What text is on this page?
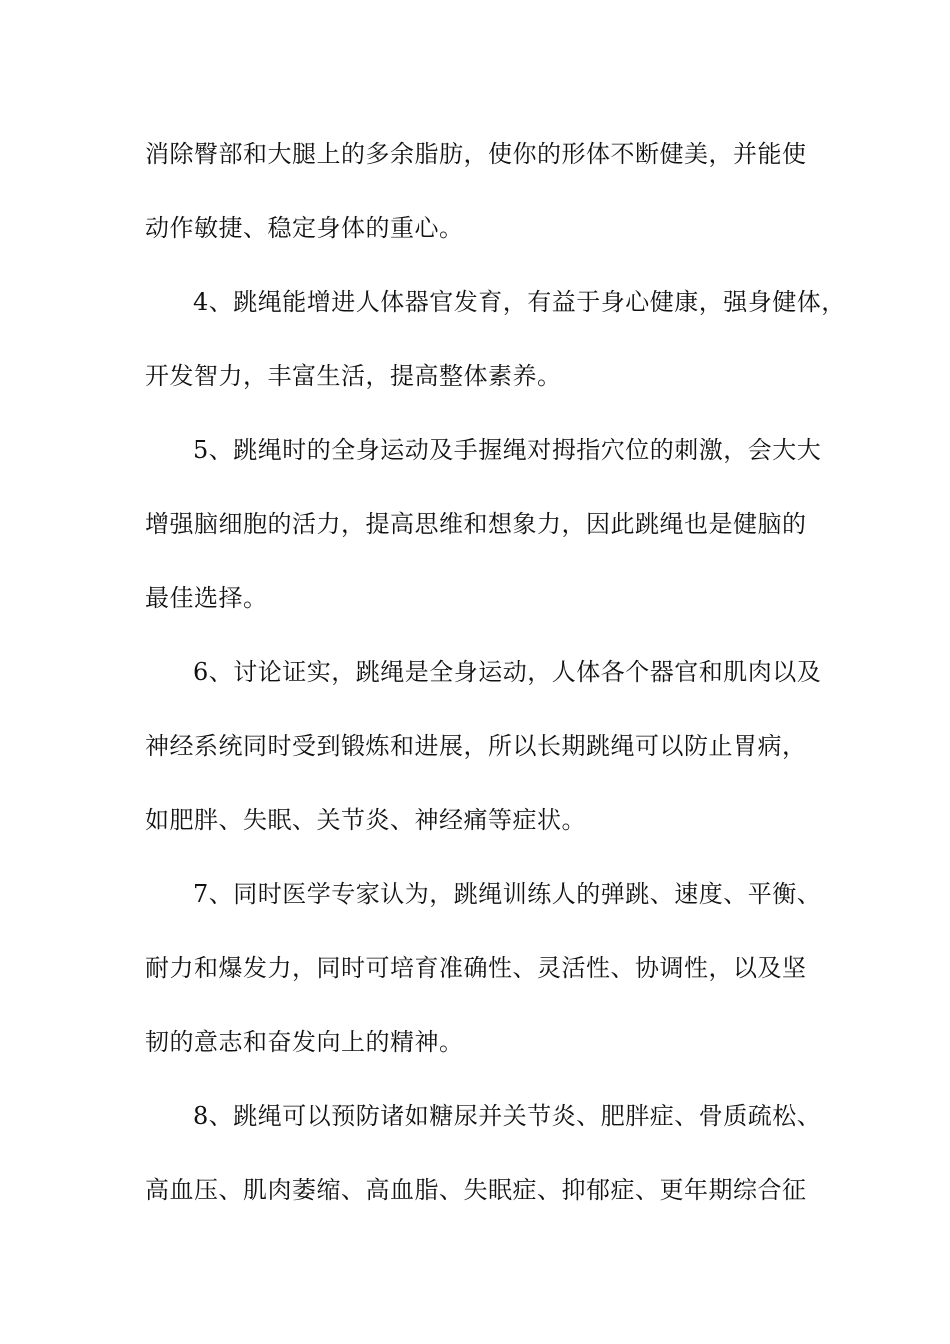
消除臀部和大腿上的多余脂肪，使你的形体不断健美，并能使
动作敏捷、稳定身体的重心。
4、跳绳能增进人体器官发育，有益于身心健康，强身健体，
开发智力，丰富生活，提高整体素养。
5、跳绳时的全身运动及手握绳对拇指穴位的刺激，会大大
增强脑细胞的活力，提高思维和想象力，因此跳绳也是健脑的
最佳选择。
6、讨论证实，跳绳是全身运动，人体各个器官和肌肉以及
神经系统同时受到锻炼和进展，所以长期跳绳可以防止胃病，
如肥胖、失眠、关节炎、神经痛等症状。
7、同时医学专家认为，跳绳训练人的弹跳、速度、平衡、
耐力和爆发力，同时可培育准确性、灵活性、协调性，以及坚
韧的意志和奋发向上的精神。
8、跳绳可以预防诸如糖尿并关节炎、肥胖症、骨质疏松、
高血压、肌肉萎缩、高血脂、失眠症、抑郁症、更年期综合征
